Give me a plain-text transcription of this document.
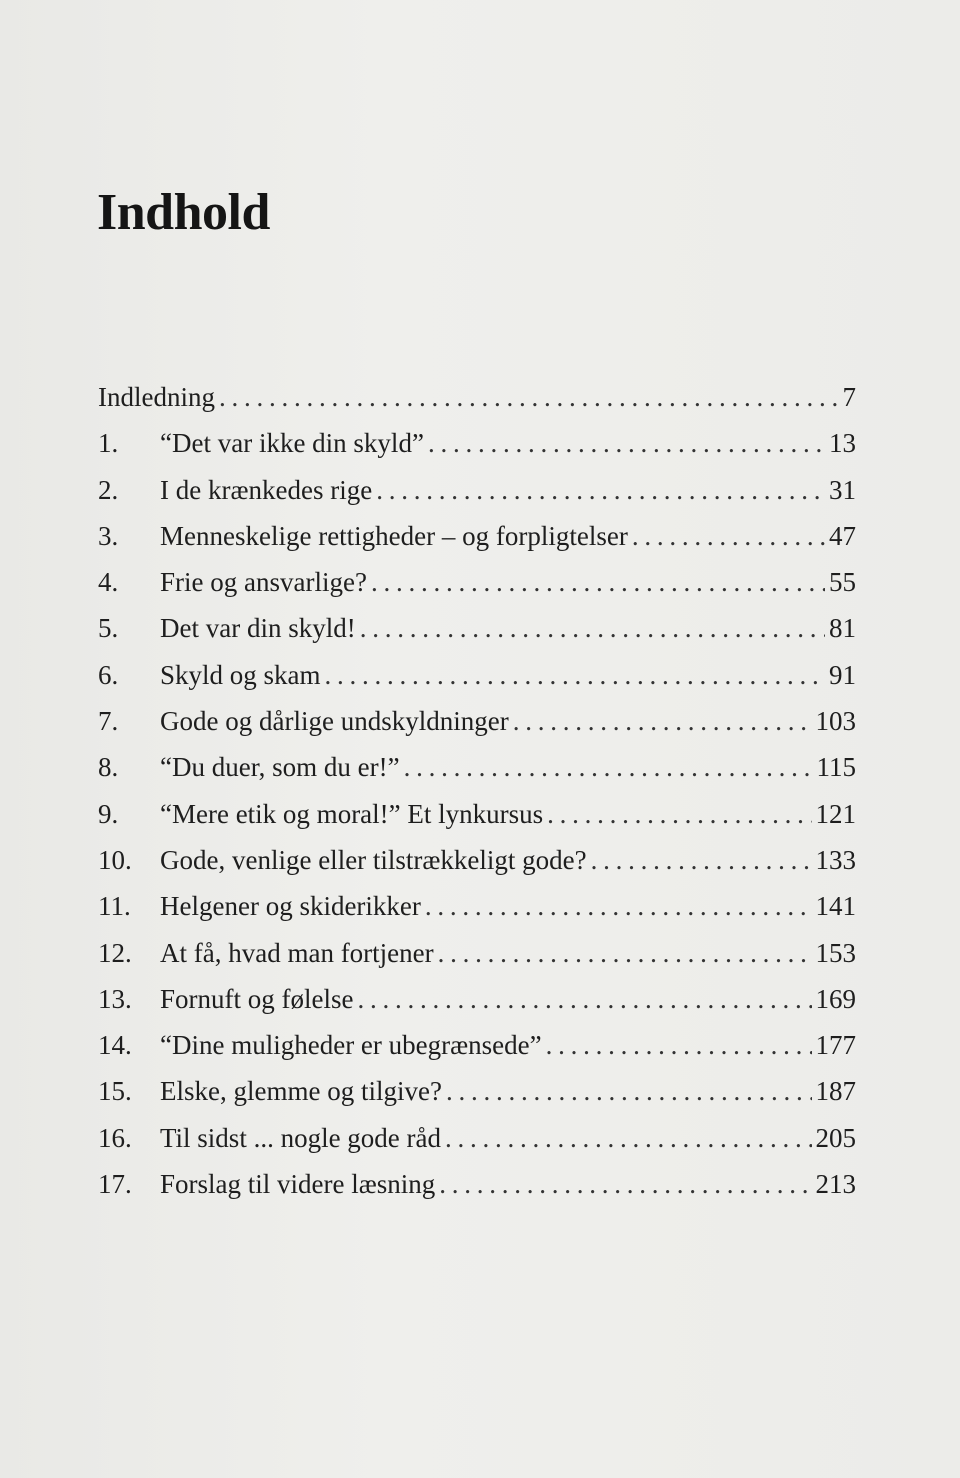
Indhold
Indledning . . .	7
1.	“Det var ikke din skyld” . . .	13
2.	I de krænkedes rige . . .	31
3.	Menneskelige rettigheder – og forpligtelser . . .	47
4.	Frie og ansvarlige? . . .	55
5.	Det var din skyld! . . .	81
6.	Skyld og skam . . .	91
7.	Gode og dårlige undskyldninger . . .	103
8.	“Du duer, som du er!” . . .	115
9.	“Mere etik og moral!” Et lynkursus . . .	121
10.	Gode, venlige eller tilstrækkeligt gode? . . .	133
11.	Helgener og skiderikker . . .	141
12.	At få, hvad man fortjener . . .	153
13.	Fornuft og følelse . . .	169
14.	“Dine muligheder er ubegrænsede” . . .	177
15.	Elske, glemme og tilgive? . . .	187
16.	Til sidst ... nogle gode råd . . .	205
17.	Forslag til videre læsning . . .	213
